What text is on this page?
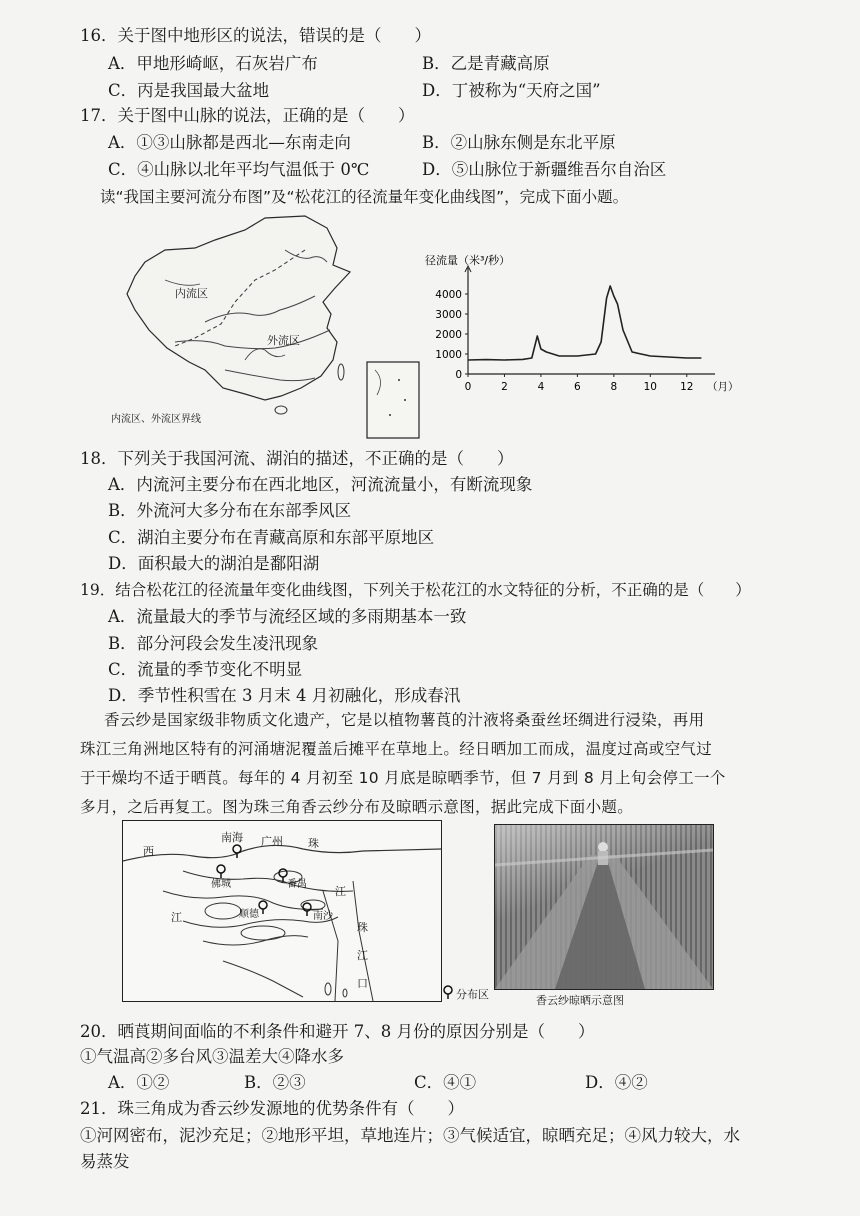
16．关于图中地形区的说法，错误的是（　　）
A．甲地形崎岖，石灰岩广布	B．乙是青藏高原
C．丙是我国最大盆地	D．丁被称为“天府之国”
17．关于图中山脉的说法，正确的是（　　）
A．①③山脉都是西北—东南走向	B．②山脉东侧是东北平原
C．④山脉以北年平均气温低于 0℃	D．⑤山脉位于新疆维吾尔自治区
读“我国主要河流分布图”及“松花江的径流量年变化曲线图”，完成下面小题。
内流区
外流区
内流区、外流区界线
径流量（米³/秒）
0
1000
2000
3000
4000
0	2	4	6	8	10 12 （月）
18．下列关于我国河流、湖泊的描述，不正确的是（　　）
A．内流河主要分布在西北地区，河流流量小，有断流现象
B．外流河大多分布在东部季风区
C．湖泊主要分布在青藏高原和东部平原地区
D．面积最大的湖泊是鄱阳湖
19．结合松花江的径流量年变化曲线图，下列关于松花江的水文特征的分析，不正确的是（　　）
A．流量最大的季节与流经区域的多雨期基本一致
B．部分河段会发生凌汛现象
C．流量的季节变化不明显
D．季节性积雪在 3 月末 4 月初融化，形成春汛
香云纱是国家级非物质文化遗产，它是以植物薯莨的汁液将桑蚕丝坯绸进行浸染，再用
珠江三角洲地区特有的河涌塘泥覆盖后摊平在草地上。经日晒加工而成，温度过高或空气过
于干燥均不适于晒莨。每年的 4 月初至 10 月底是晾晒季节，但 7 月到 8 月上旬会停工一个
多月，之后再复工。图为珠三角香云纱分布及晾晒示意图，据此完成下面小题。
南海 广州 珠
西
佛城	番禺
江
江	顺德	南沙
珠
江
口
分布区	香云纱晾晒示意图
20．晒莨期间面临的不利条件和避开 7、8 月份的原因分别是（　　）
①气温高②多台风③温差大④降水多
A．①②	B．②③	C．④①	D．④②
21．珠三角成为香云纱发源地的优势条件有（　　）
①河网密布，泥沙充足；②地形平坦，草地连片；③气候适宜，晾晒充足；④风力较大，水
易蒸发
